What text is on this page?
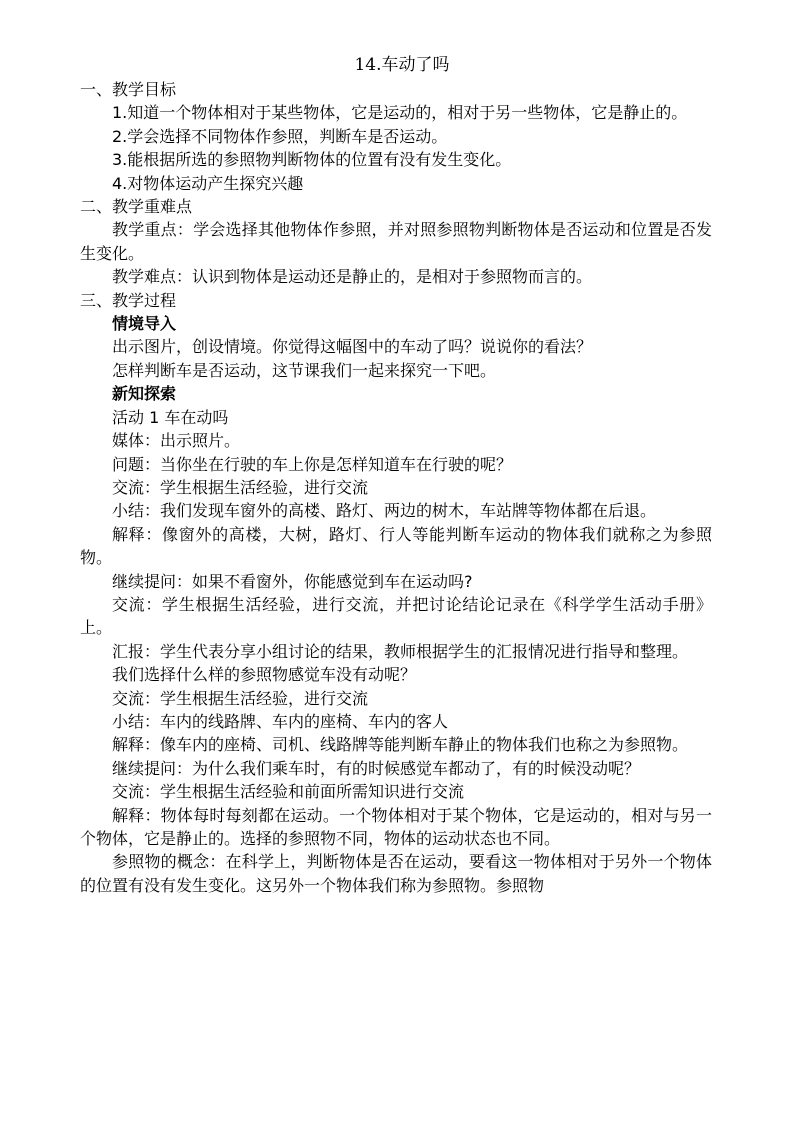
14.车动了吗

一、教学目标

1.知道一个物体相对于某些物体，它是运动的，相对于另一些物体，它是静止的。

2.学会选择不同物体作参照，判断车是否运动。

3.能根据所选的参照物判断物体的位置有没有发生变化。

4.对物体运动产生探究兴趣

二、教学重难点

教学重点：学会选择其他物体作参照，并对照参照物判断物体是否运动和位置是否发生变化。

教学难点：认识到物体是运动还是静止的，是相对于参照物而言的。

三、教学过程

情境导入

出示图片，创设情境。你觉得这幅图中的车动了吗？说说你的看法？

怎样判断车是否运动，这节课我们一起来探究一下吧。

新知探索

活动 1 车在动吗

媒体：出示照片。

问题：当你坐在行驶的车上你是怎样知道车在行驶的呢？

交流：学生根据生活经验，进行交流

小结：我们发现车窗外的高楼、路灯、两边的树木，车站牌等物体都在后退。

解释：像窗外的高楼，大树，路灯、行人等能判断车运动的物体我们就称之为参照物。

继续提问：如果不看窗外，你能感觉到车在运动吗?

交流：学生根据生活经验，进行交流，并把讨论结论记录在《科学学生活动手册》上。

汇报：学生代表分享小组讨论的结果，教师根据学生的汇报情况进行指导和整理。

我们选择什么样的参照物感觉车没有动呢？

交流：学生根据生活经验，进行交流

小结：车内的线路牌、车内的座椅、车内的客人

解释：像车内的座椅、司机、线路牌等能判断车静止的物体我们也称之为参照物。

继续提问：为什么我们乘车时，有的时候感觉车都动了，有的时候没动呢？

交流：学生根据生活经验和前面所需知识进行交流

解释：物体每时每刻都在运动。一个物体相对于某个物体，它是运动的，相对与另一个物体，它是静止的。选择的参照物不同，物体的运动状态也不同。

参照物的概念：在科学上，判断物体是否在运动，要看这一物体相对于另外一个物体的位置有没有发生变化。这另外一个物体我们称为参照物。参照物
